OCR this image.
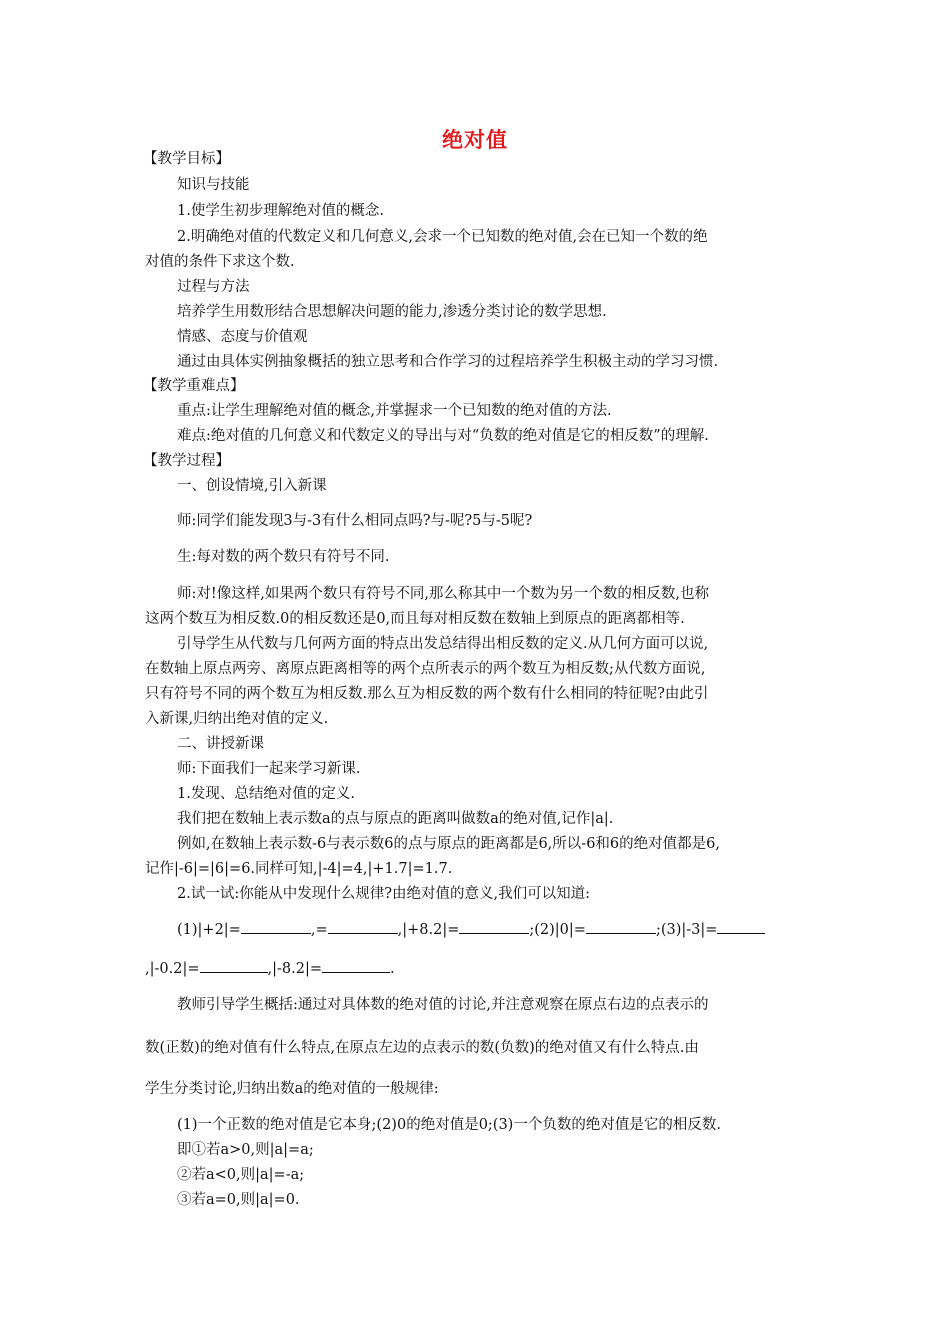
绝对值
【教学目标】
知识与技能
1.使学生初步理解绝对值的概念.
2.明确绝对值的代数定义和几何意义,会求一个已知数的绝对值,会在已知一个数的绝
对值的条件下求这个数.
过程与方法
培养学生用数形结合思想解决问题的能力,渗透分类讨论的数学思想.
情感、态度与价值观
通过由具体实例抽象概括的独立思考和合作学习的过程培养学生积极主动的学习习惯.
【教学重难点】
重点:让学生理解绝对值的概念,并掌握求一个已知数的绝对值的方法.
难点:绝对值的几何意义和代数定义的导出与对“负数的绝对值是它的相反数”的理解.
【教学过程】
一、创设情境,引入新课
师:同学们能发现3与-3有什么相同点吗?与-呢?5与-5呢?
生:每对数的两个数只有符号不同.
师:对!像这样,如果两个数只有符号不同,那么称其中一个数为另一个数的相反数,也称
这两个数互为相反数.0的相反数还是0,而且每对相反数在数轴上到原点的距离都相等.
引导学生从代数与几何两方面的特点出发总结得出相反数的定义.从几何方面可以说,
在数轴上原点两旁、离原点距离相等的两个点所表示的两个数互为相反数;从代数方面说,
只有符号不同的两个数互为相反数.那么互为相反数的两个数有什么相同的特征呢?由此引
入新课,归纳出绝对值的定义.
二、讲授新课
师:下面我们一起来学习新课.
1.发现、总结绝对值的定义.
我们把在数轴上表示数a的点与原点的距离叫做数a的绝对值,记作|a|.
例如,在数轴上表示数-6与表示数6的点与原点的距离都是6,所以-6和6的绝对值都是6,
记作|-6|=|6|=6.同样可知,|-4|=4,|+1.7|=1.7.
2.试一试:你能从中发现什么规律?由绝对值的意义,我们可以知道:
(1)|+2|=	,=	,|+8.2|=	;(2)|0|=	;(3)|-3|=
,|-0.2|=	,|-8.2|=	.
教师引导学生概括:通过对具体数的绝对值的讨论,并注意观察在原点右边的点表示的
数(正数)的绝对值有什么特点,在原点左边的点表示的数(负数)的绝对值又有什么特点.由
学生分类讨论,归纳出数a的绝对值的一般规律:
(1)一个正数的绝对值是它本身;(2)0的绝对值是0;(3)一个负数的绝对值是它的相反数.
即①若a>0,则|a|=a;
②若a<0,则|a|=-a;
③若a=0,则|a|=0.
